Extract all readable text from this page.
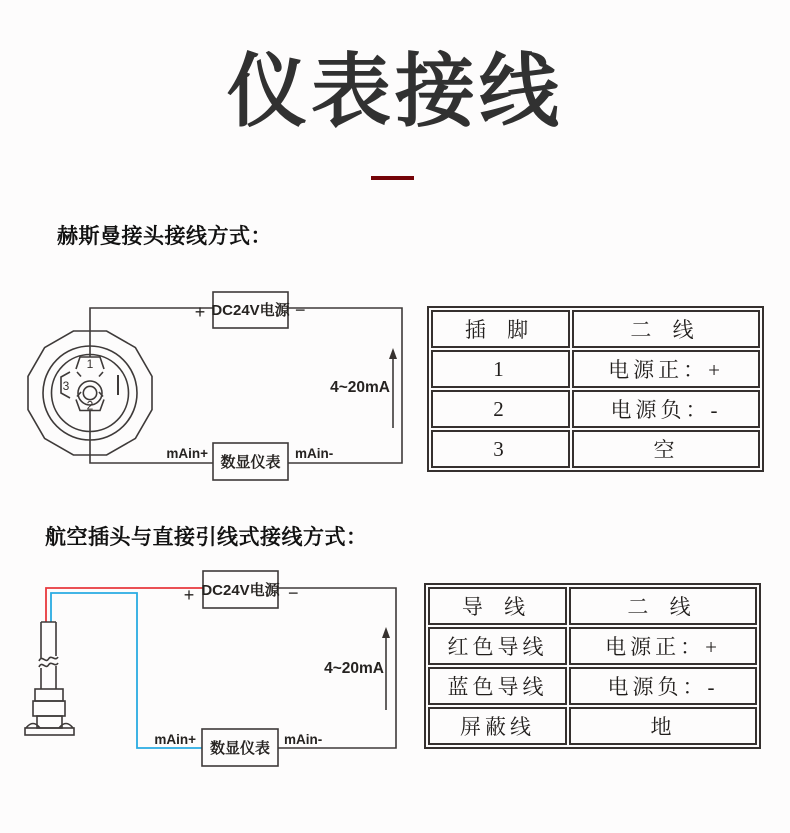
仪表接线
赫斯曼接头接线方式：
1
2
3
DC24V电源
+	−
数显仪表
mAin+	mAin-
4~20mA
插 脚	二 线
1	电源正：+
2	电源负：-
3	空
航空插头与直接引线式接线方式：
DC24V电源
+	−
数显仪表
mAin+	mAin-
4~20mA
导 线	二 线
红色导线	电源正：+
蓝色导线	电源负：-
屏蔽线	地
